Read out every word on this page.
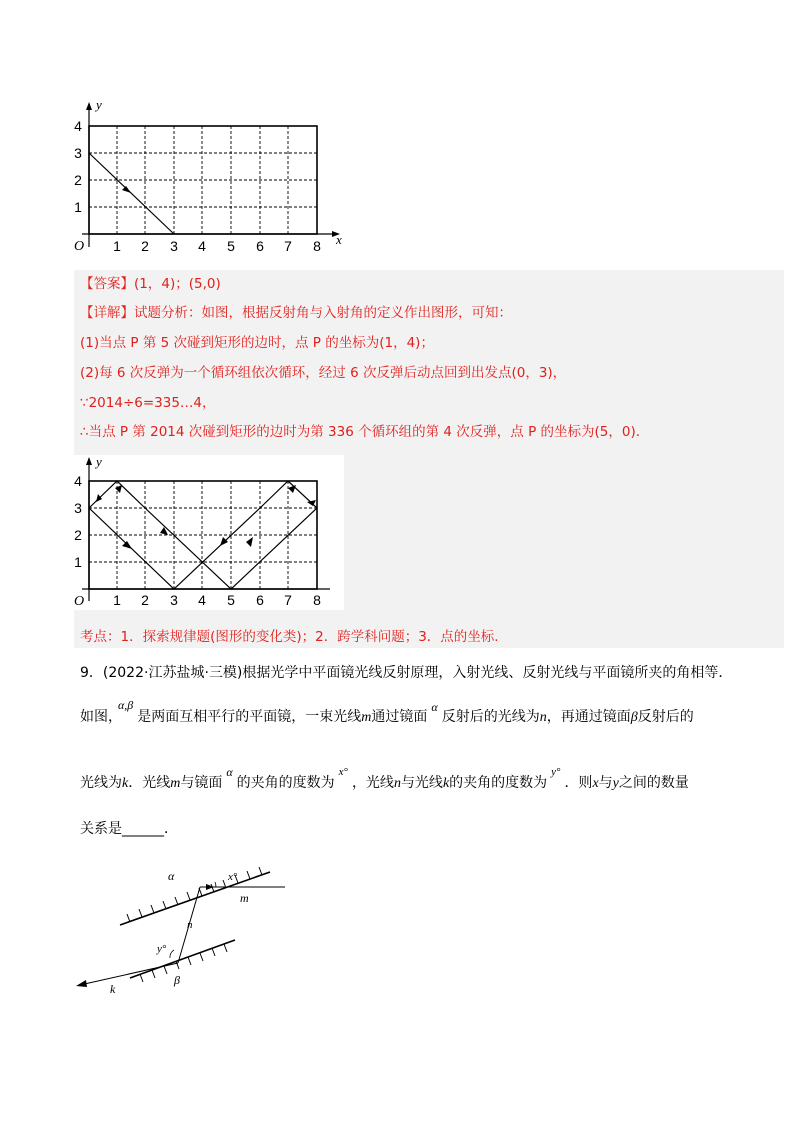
y
x
O 1 2 3 4 5 6 7 8
1
2
3
4
【答案】(1，4)；(5,0)
【详解】试题分析：如图，根据反射角与入射角的定义作出图形，可知：
(1)当点 P 第 5 次碰到矩形的边时，点 P 的坐标为(1，4)；
(2)每 6 次反弹为一个循环组依次循环，经过 6 次反弹后动点回到出发点(0，3)，
∵2014÷6=335…4，
∴当点 P 第 2014 次碰到矩形的边时为第 336 个循环组的第 4 次反弹，点 P 的坐标为(5，0).
y
O 1 2 3 4 5 6 7 8
1
2
3
4
考点：1．探索规律题(图形的变化类)；2．跨学科问题；3．点的坐标.
9．(2022·江苏盐城·三模)根据光学中平面镜光线反射原理，入射光线、反射光线与平面镜所夹的角相等．
如图，α,β是两面互相平行的平面镜，一束光线m通过镜面α反射后的光线为n，再通过镜面β反射后的
光线为k．光线m与镜面α的夹角的度数为$^{x^\circ}$，光线n与光线k的夹角的度数为$^{y^\circ}$．则x与y之间的数量
关系是______．
α	x°
m
n
y°
β
k
